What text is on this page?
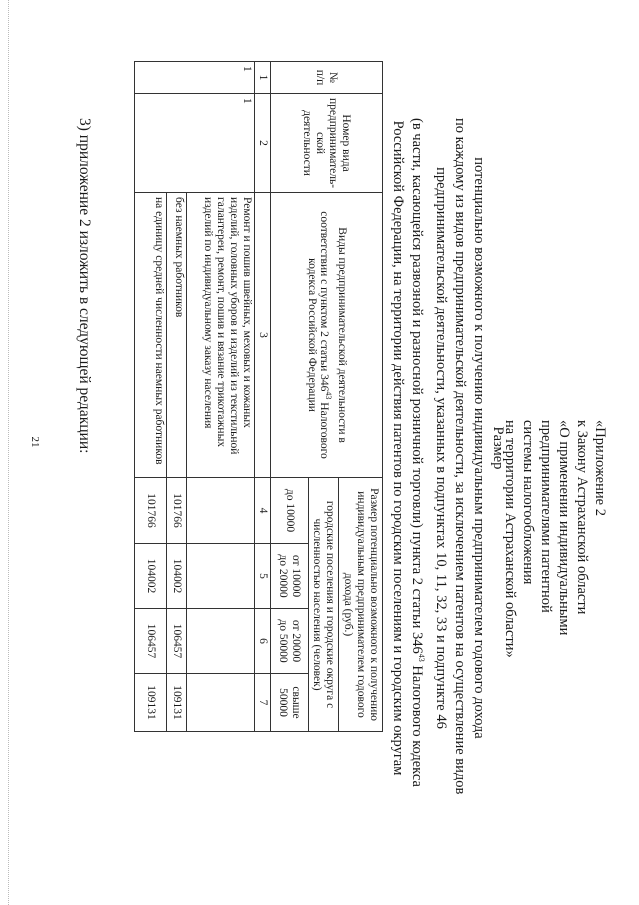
21 3) приложение 2 изложить в следующей редакции:
«Приложение 2
к Закону Астраханской области
«О применении индивидуальными
предпринимателями патентной
системы налогообложения
на территории Астраханской области»
Размер
потенциально возможного к получению индивидуальным предпринимателем годового дохода
по каждому из видов предпринимательской деятельности, за исключением патентов на осуществление видов
предпринимательской деятельности, указанных в подпунктах 10, 11, 32, 33 и подпункте 46
(в части, касающейся развозной и разносной розничной торговли) пункта 2 статьи $346^{43}$ Налогового кодекса
Российской Федерации, на территории действия патентов по городским поселениям и городским округам
№ п/п	Номер вида предпринимательской деятельности	Виды предпринимательской деятельности в соответствии с пунктом 2 статьи $346^{43}$ Налогового кодекса Российской Федерации	Размер потенциально возможного к получению индивидуальным предпринимателем годового дохода (руб.)			
			городские поселения и городские округа с численностью населения (человек)			
			до 10000	от 10000 до 20000	от 20000 до 50000	свыше 50000
1	2	3	4	5	6	7
1	1	Ремонт и пошив швейных, меховых и кожаных изделий, головных уборов и изделий из текстильной галантереи, ремонт, пошив и вязание трикотажных изделий по индивидуальному заказу населения				
		без наемных работников	101766	104002	106457	109131
		на единицу средней численности наемных работников	101766	104002	106457	109131
